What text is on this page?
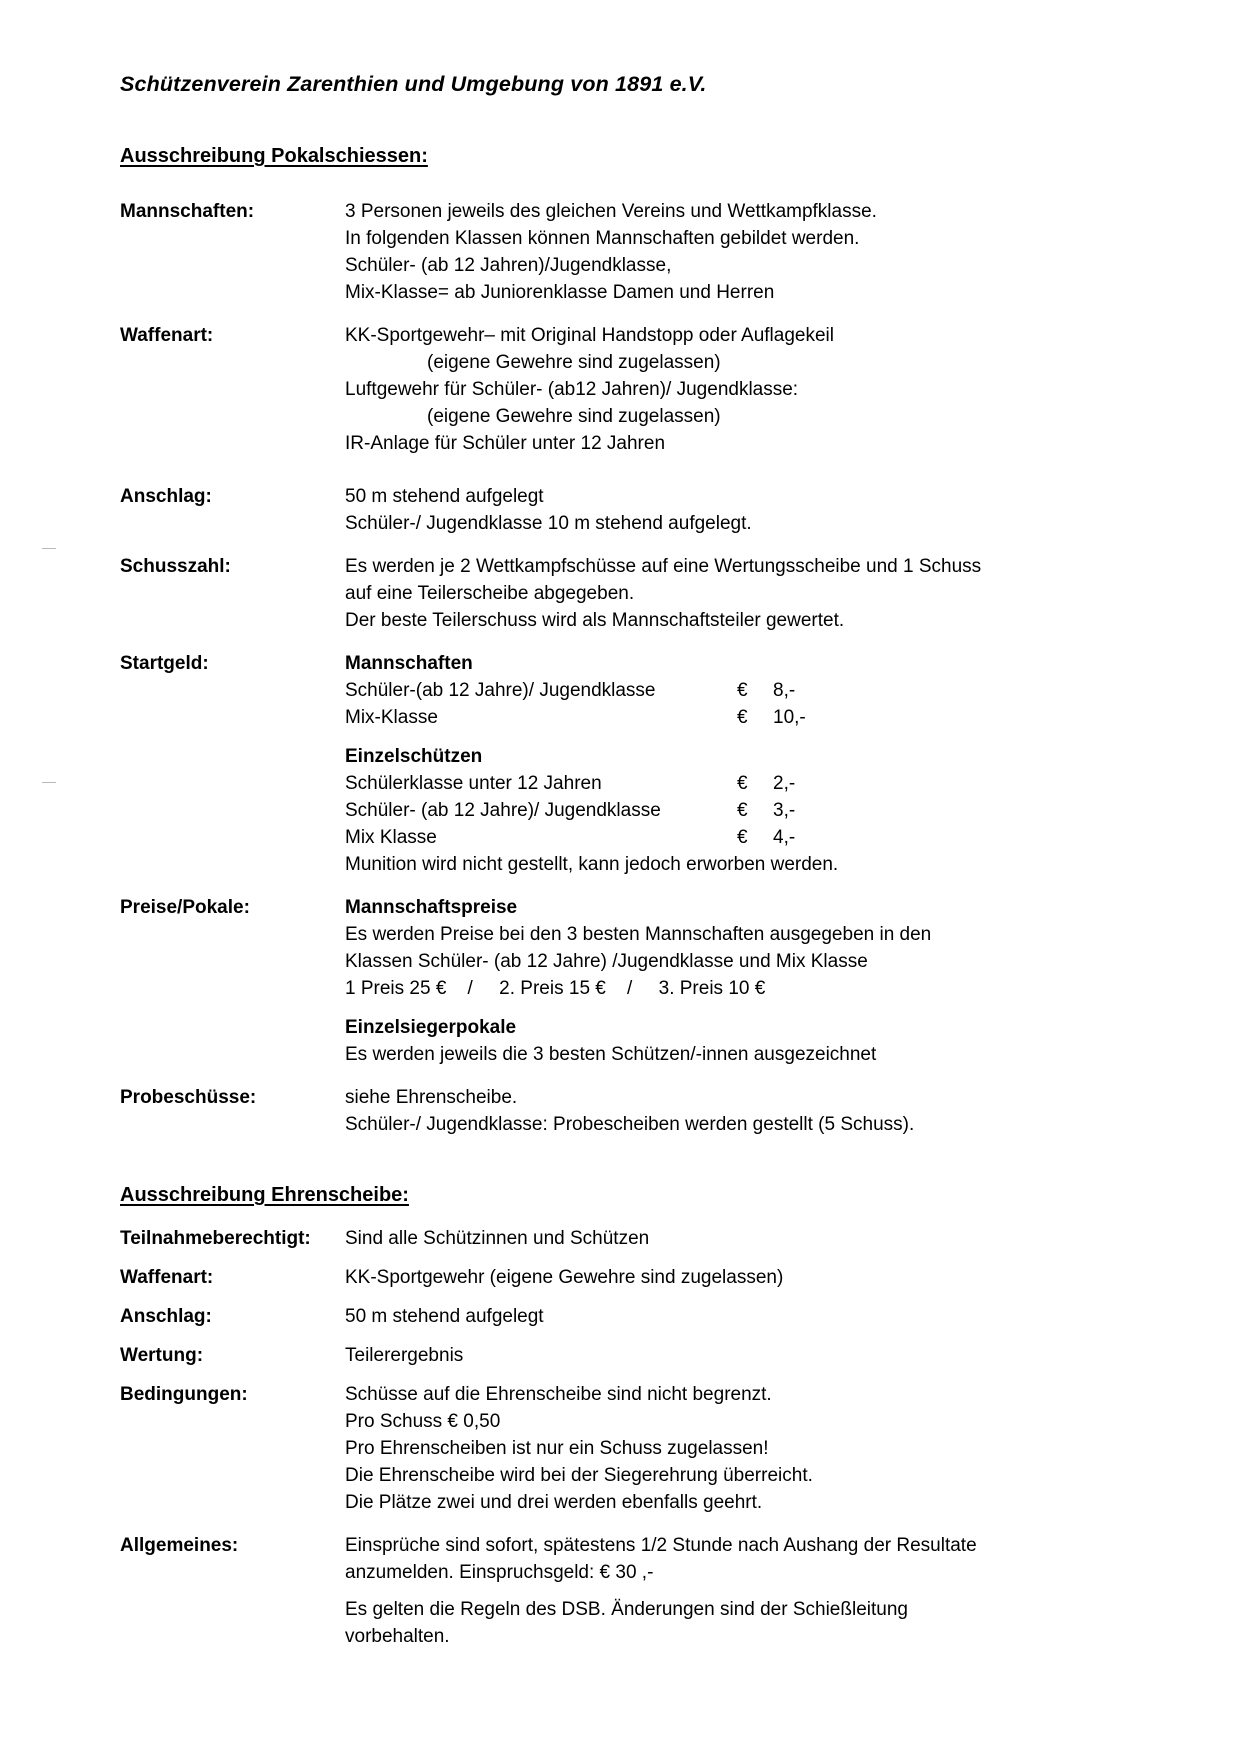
Schützenverein Zarenthien und Umgebung von 1891 e.V.
Ausschreibung Pokalschiessen:
Mannschaften:	3 Personen jeweils des gleichen Vereins und Wettkampfklasse.
In folgenden Klassen können Mannschaften gebildet werden.
Schüler- (ab 12 Jahren)/Jugendklasse,
Mix-Klasse= ab Juniorenklasse Damen und Herren
Waffenart:	KK-Sportgewehr– mit Original Handstopp oder Auflagekeil
(eigene Gewehre sind zugelassen)
Luftgewehr für Schüler- (ab12 Jahren)/ Jugendklasse:
(eigene Gewehre sind zugelassen)
IR-Anlage für Schüler unter 12 Jahren
Anschlag:	50 m stehend aufgelegt
Schüler-/ Jugendklasse 10 m stehend aufgelegt.
Schusszahl:	Es werden je 2 Wettkampfschüsse auf eine Wertungsscheibe und 1 Schuss
auf eine Teilerscheibe abgegeben.
Der beste Teilerschuss wird als Mannschaftsteiler gewertet.
Startgeld:	Mannschaften
Schüler-(ab 12 Jahre)/ Jugendklasse	€	8,-
Mix-Klasse	€	10,-
Einzelschützen
Schülerklasse unter 12 Jahren	€	2,-
Schüler- (ab 12 Jahre)/ Jugendklasse	€	3,-
Mix Klasse	€	4,-
Munition wird nicht gestellt, kann jedoch erworben werden.
Preise/Pokale:	Mannschaftspreise
Es werden Preise bei den 3 besten Mannschaften ausgegeben in den
Klassen Schüler- (ab 12 Jahre) /Jugendklasse und Mix Klasse
1 Preis 25 €    /     2. Preis 15 €    /     3. Preis 10 €
Einzelsiegerpokale
Es werden jeweils die 3 besten Schützen/-innen ausgezeichnet
Probeschüsse:	siehe Ehrenscheibe.
Schüler-/ Jugendklasse: Probescheiben werden gestellt (5 Schuss).
Ausschreibung Ehrenscheibe:
Teilnahmeberechtigt:	Sind alle Schützinnen und Schützen
Waffenart:	KK-Sportgewehr (eigene Gewehre sind zugelassen)
Anschlag:	50 m stehend aufgelegt
Wertung:	Teilerergebnis
Bedingungen:	Schüsse auf die Ehrenscheibe sind nicht begrenzt.
Pro Schuss € 0,50
Pro Ehrenscheiben ist nur ein Schuss zugelassen!
Die Ehrenscheibe wird bei der Siegerehrung überreicht.
Die Plätze zwei und drei werden ebenfalls geehrt.
Allgemeines:	Einsprüche sind sofort, spätestens 1/2 Stunde nach Aushang der Resultate
anzumelden. Einspruchsgeld: € 30 ,-
Es gelten die Regeln des DSB. Änderungen sind der Schießleitung
vorbehalten.
